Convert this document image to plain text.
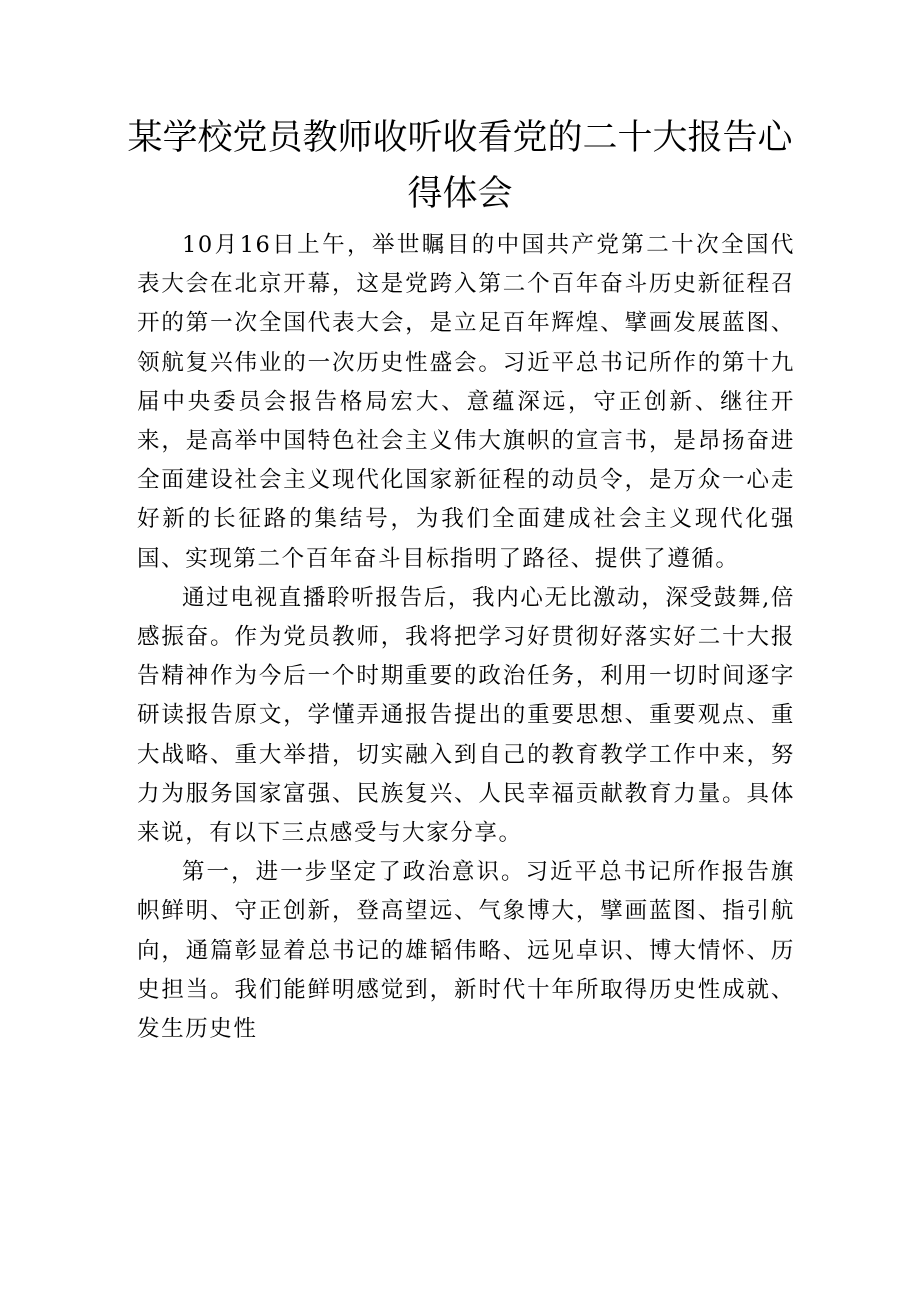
某学校党员教师收听收看党的二十大报告心得体会

10月16日上午，举世瞩目的中国共产党第二十次全国代表大会在北京开幕，这是党跨入第二个百年奋斗历史新征程召开的第一次全国代表大会，是立足百年辉煌、擘画发展蓝图、领航复兴伟业的一次历史性盛会。习近平总书记所作的第十九届中央委员会报告格局宏大、意蕴深远，守正创新、继往开来，是高举中国特色社会主义伟大旗帜的宣言书，是昂扬奋进全面建设社会主义现代化国家新征程的动员令，是万众一心走好新的长征路的集结号，为我们全面建成社会主义现代化强国、实现第二个百年奋斗目标指明了路径、提供了遵循。

通过电视直播聆听报告后，我内心无比激动，深受鼓舞,倍感振奋。作为党员教师，我将把学习好贯彻好落实好二十大报告精神作为今后一个时期重要的政治任务，利用一切时间逐字研读报告原文，学懂弄通报告提出的重要思想、重要观点、重大战略、重大举措，切实融入到自己的教育教学工作中来，努力为服务国家富强、民族复兴、人民幸福贡献教育力量。具体来说，有以下三点感受与大家分享。

第一，进一步坚定了政治意识。习近平总书记所作报告旗帜鲜明、守正创新，登高望远、气象博大，擘画蓝图、指引航向，通篇彰显着总书记的雄韬伟略、远见卓识、博大情怀、历史担当。我们能鲜明感觉到，新时代十年所取得历史性成就、发生历史性
